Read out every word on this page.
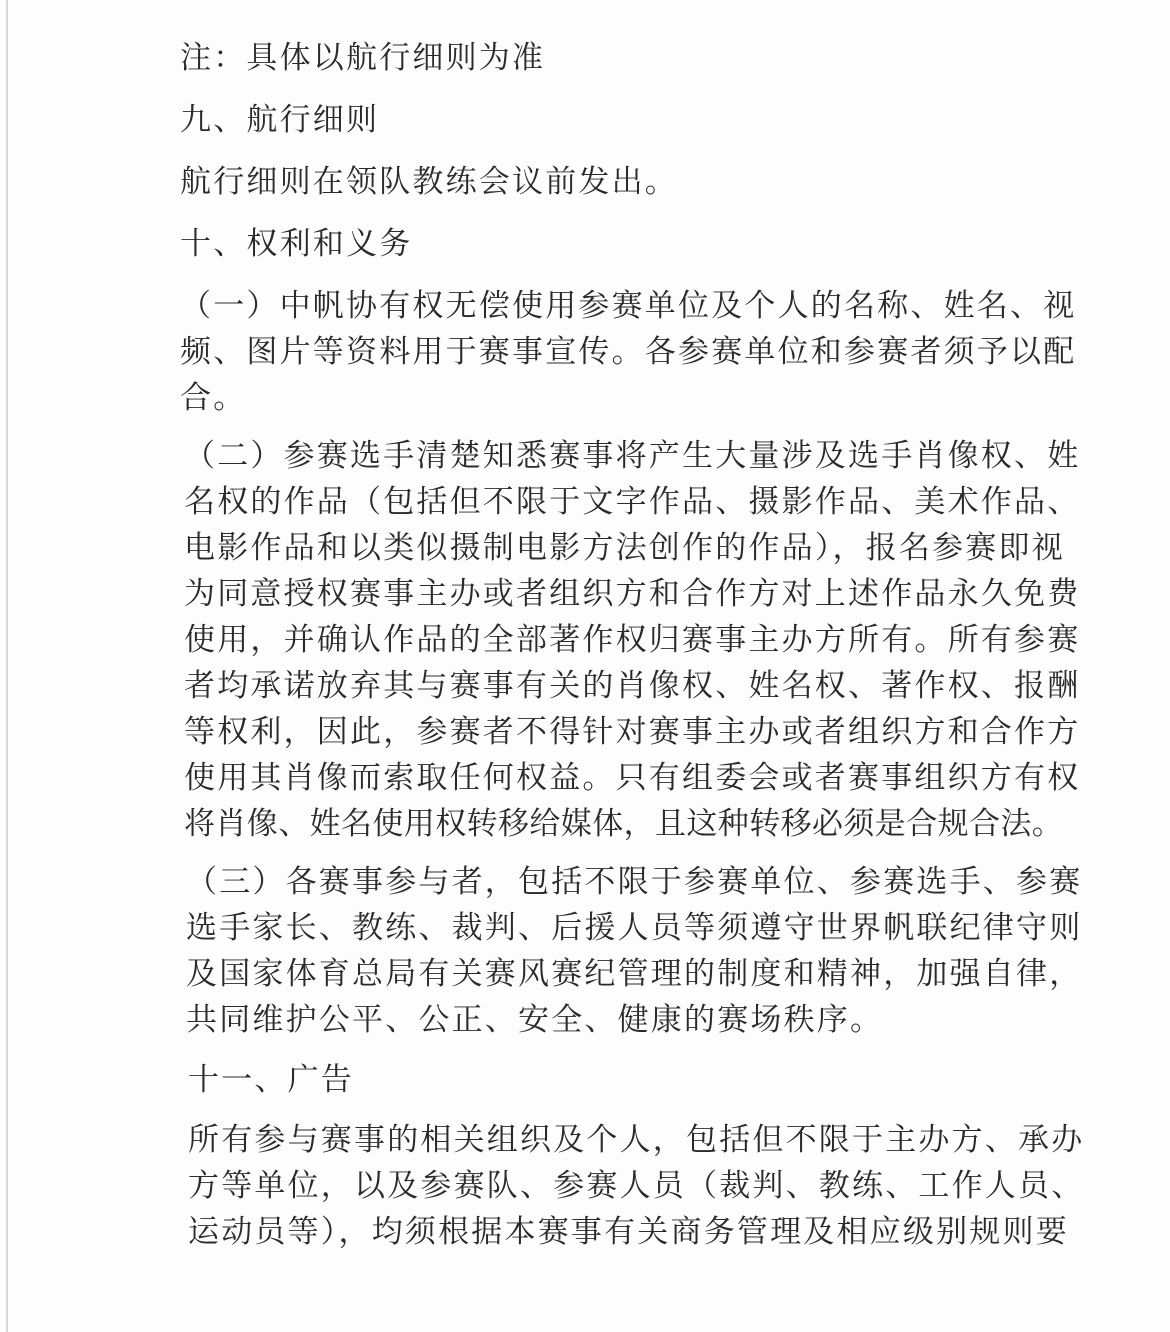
注：具体以航行细则为准
九、航行细则
航行细则在领队教练会议前发出。
十、权利和义务
（一）中帆协有权无偿使用参赛单位及个人的名称、姓名、视
频、图片等资料用于赛事宣传。各参赛单位和参赛者须予以配
合。
（二）参赛选手清楚知悉赛事将产生大量涉及选手肖像权、姓
名权的作品（包括但不限于文字作品、摄影作品、美术作品、
电影作品和以类似摄制电影方法创作的作品），报名参赛即视
为同意授权赛事主办或者组织方和合作方对上述作品永久免费
使用，并确认作品的全部著作权归赛事主办方所有。所有参赛
者均承诺放弃其与赛事有关的肖像权、姓名权、著作权、报酬
等权利，因此，参赛者不得针对赛事主办或者组织方和合作方
使用其肖像而索取任何权益。只有组委会或者赛事组织方有权
将肖像、姓名使用权转移给媒体，且这种转移必须是合规合法。
（三）各赛事参与者，包括不限于参赛单位、参赛选手、参赛
选手家长、教练、裁判、后援人员等须遵守世界帆联纪律守则
及国家体育总局有关赛风赛纪管理的制度和精神，加强自律，
共同维护公平、公正、安全、健康的赛场秩序。
十一、广告
所有参与赛事的相关组织及个人，包括但不限于主办方、承办
方等单位，以及参赛队、参赛人员（裁判、教练、工作人员、
运动员等），均须根据本赛事有关商务管理及相应级别规则要
